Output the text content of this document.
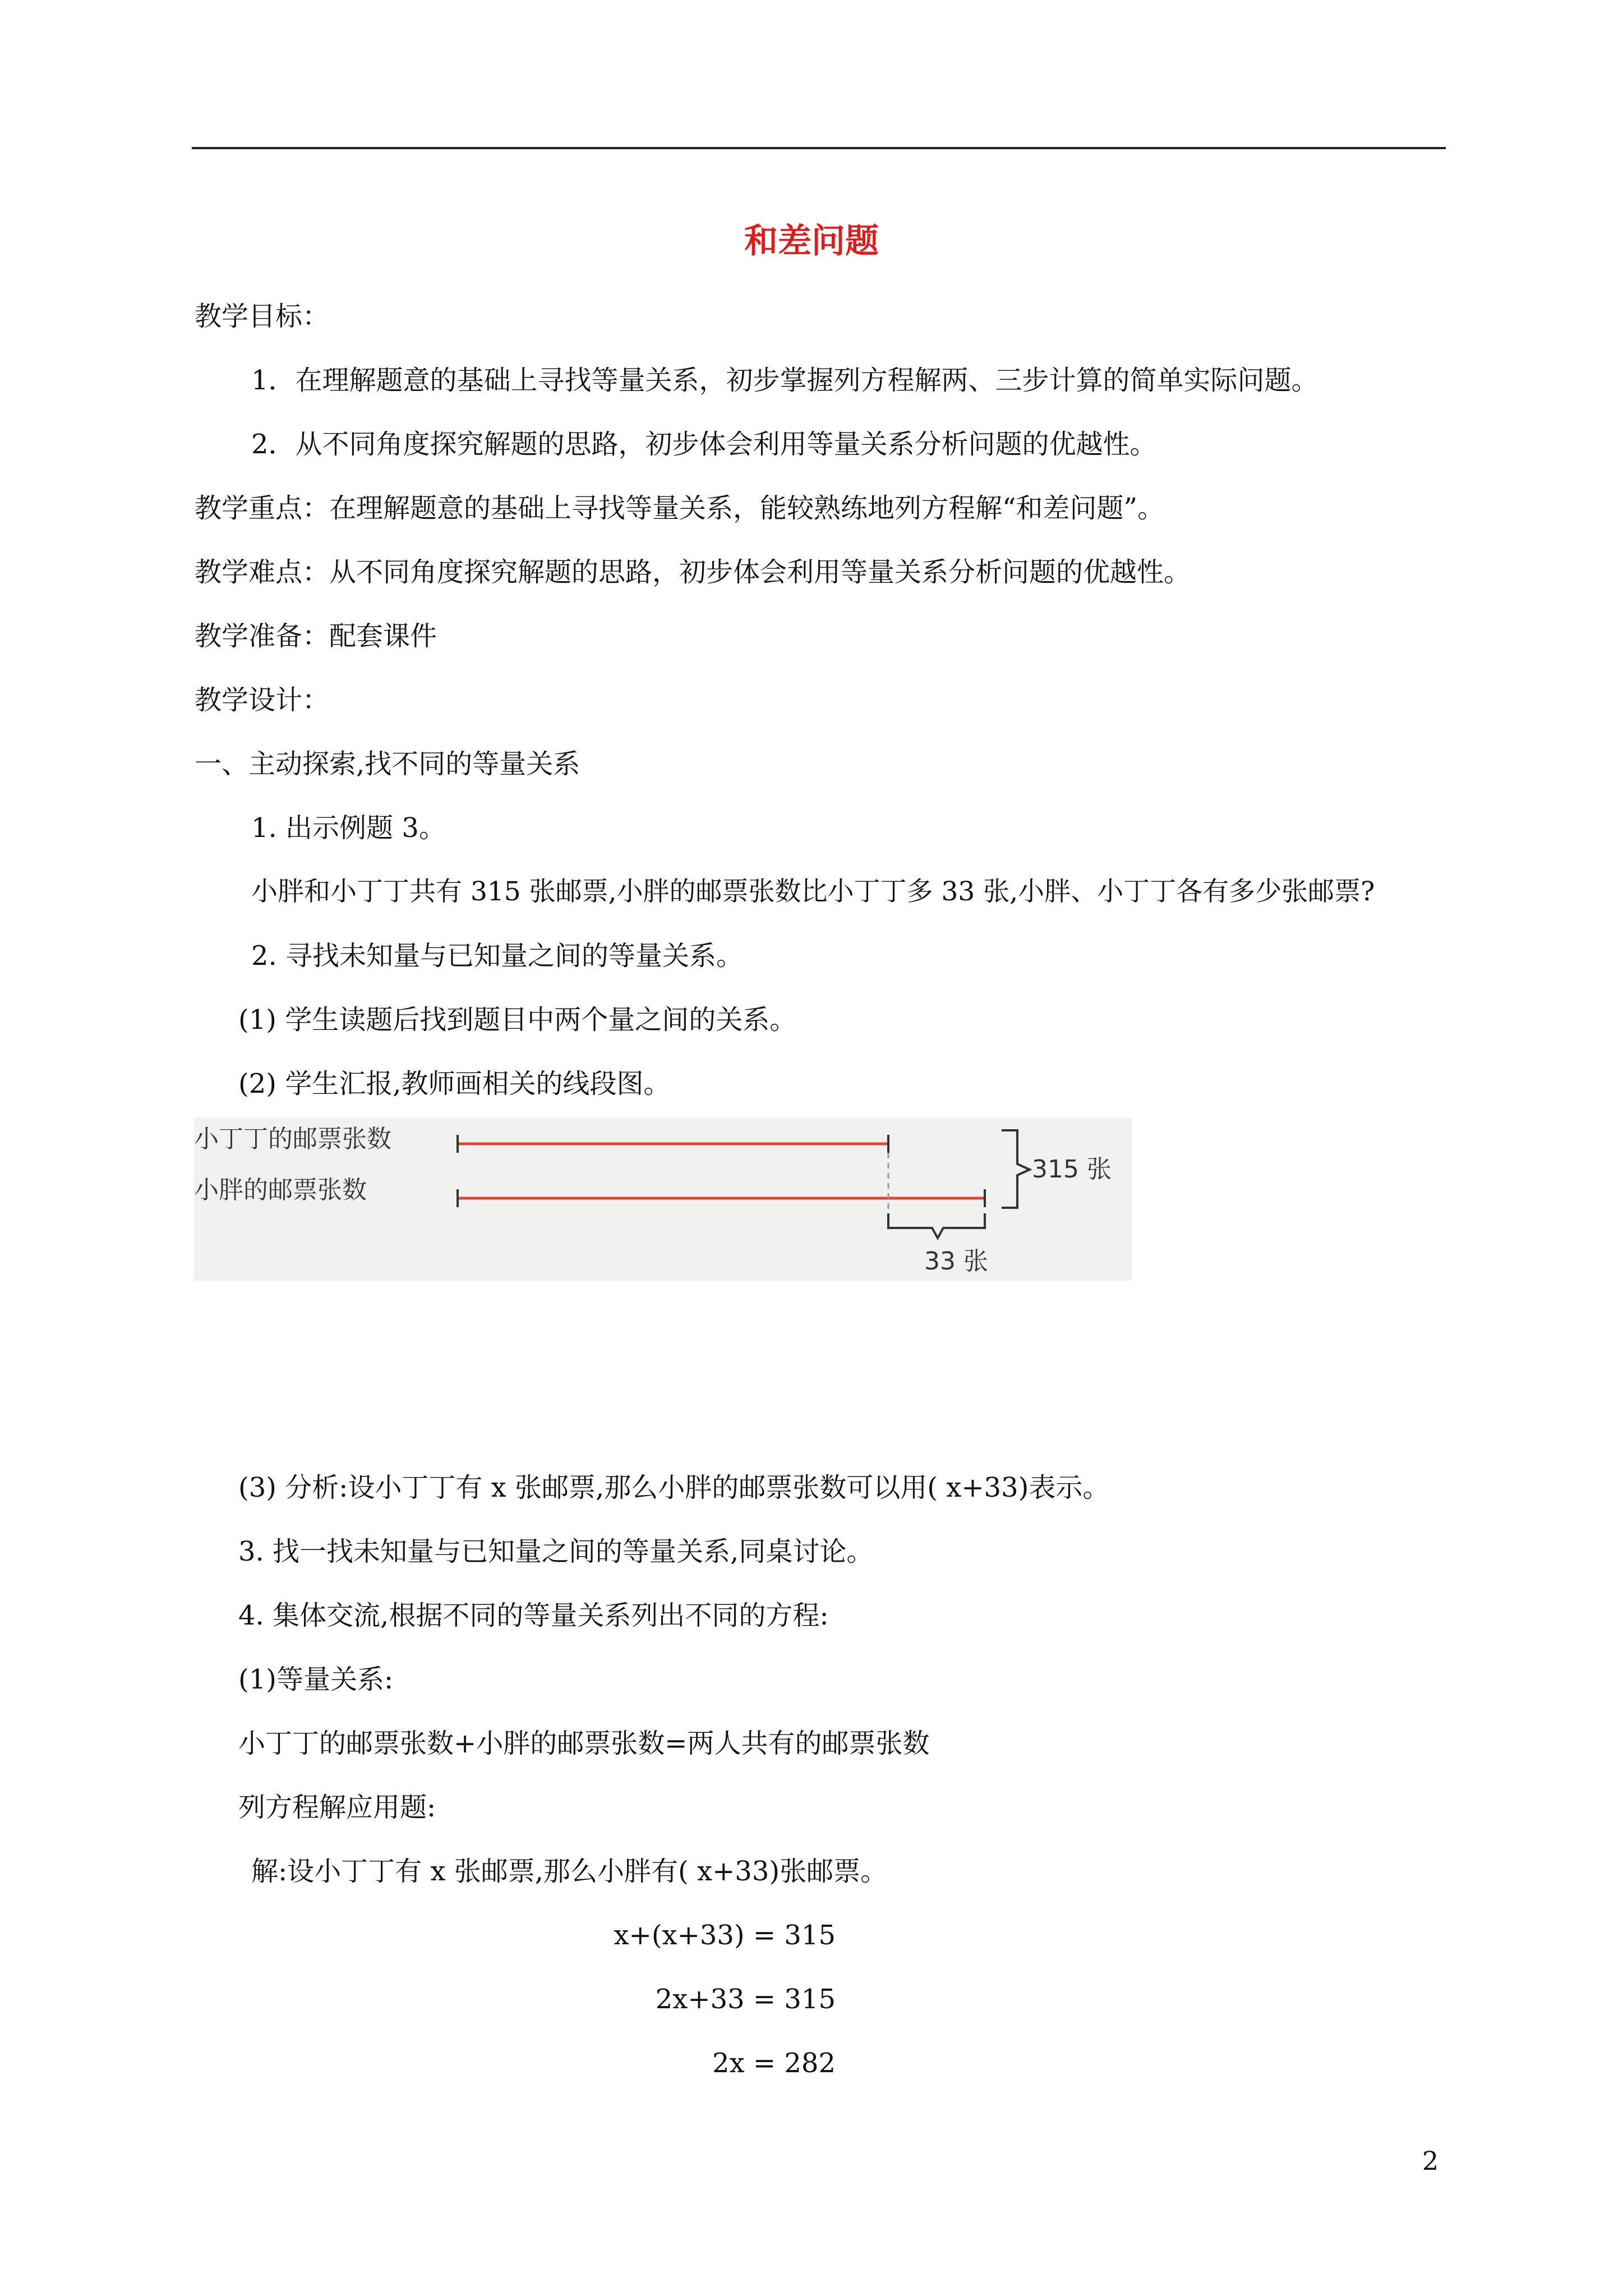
和差问题
教学目标：
1．在理解题意的基础上寻找等量关系，初步掌握列方程解两、三步计算的简单实际问题。
2．从不同角度探究解题的思路，初步体会利用等量关系分析问题的优越性。
教学重点：在理解题意的基础上寻找等量关系，能较熟练地列方程解“和差问题”。
教学难点：从不同角度探究解题的思路，初步体会利用等量关系分析问题的优越性。
教学准备：配套课件
教学设计：
一、主动探索,找不同的等量关系
1. 出示例题 3。
小胖和小丁丁共有 315 张邮票,小胖的邮票张数比小丁丁多 33 张,小胖、小丁丁各有多少张邮票?
2. 寻找未知量与已知量之间的等量关系。
(1) 学生读题后找到题目中两个量之间的关系。
(2) 学生汇报,教师画相关的线段图。
小丁丁的邮票张数
小胖的邮票张数
315 张
33 张
(3) 分析:设小丁丁有 x 张邮票,那么小胖的邮票张数可以用( x+33)表示。
3. 找一找未知量与已知量之间的等量关系,同桌讨论。
4. 集体交流,根据不同的等量关系列出不同的方程:
(1)等量关系:
小丁丁的邮票张数+小胖的邮票张数=两人共有的邮票张数
列方程解应用题:
解:设小丁丁有 x 张邮票,那么小胖有( x+33)张邮票。
x+(x+33) = 315
2x+33 = 315
2x = 282
2
